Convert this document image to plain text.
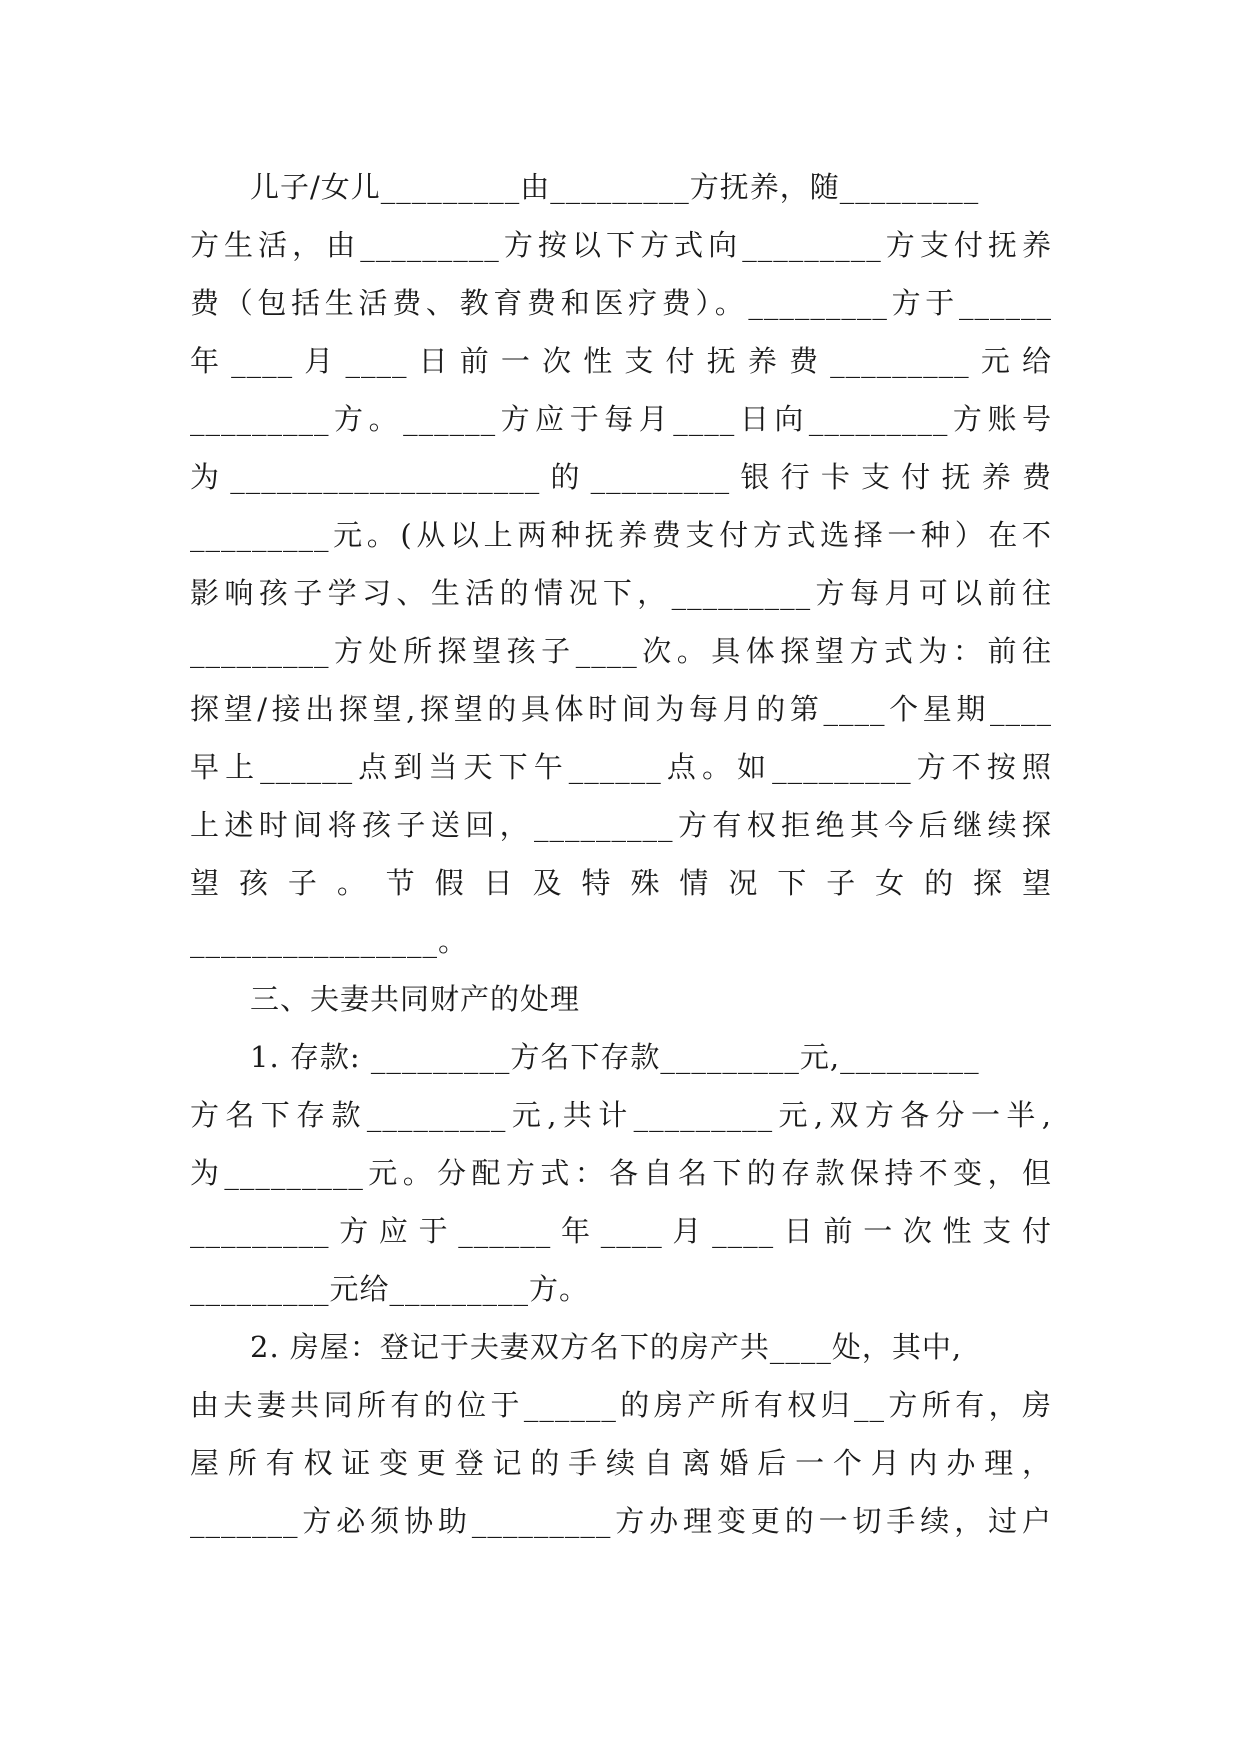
儿子/女儿_________由_________方抚养，随_________
方生活，由_________方按以下方式向_________方支付抚养
费（包括生活费、教育费和医疗费）。_________方于______
年____月____日前一次性支付抚养费_________元给
_________方。______方应于每月____日向_________方账号
为____________________的_________银行卡支付抚养费
_________元。(从以上两种抚养费支付方式选择一种）在不
影响孩子学习、生活的情况下，_________方每月可以前往
_________方处所探望孩子____次。具体探望方式为：前往
探望/接出探望,探望的具体时间为每月的第____个星期____
早上______点到当天下午______点。如_________方不按照
上述时间将孩子送回，_________方有权拒绝其今后继续探
望孩子。节假日及特殊情况下子女的探望
________________。
三、夫妻共同财产的处理
1. 存款: _________方名下存款_________元,_________
方名下存款_________元,共计_________元,双方各分一半,
为_________元。分配方式：各自名下的存款保持不变，但
_________方应于______年____月____日前一次性支付
_________元给_________方。
2. 房屋：登记于夫妻双方名下的房产共____处，其中,
由夫妻共同所有的位于______的房产所有权归__方所有，房
屋所有权证变更登记的手续自离婚后一个月内办理，
_______方必须协助_________方办理变更的一切手续，过户
